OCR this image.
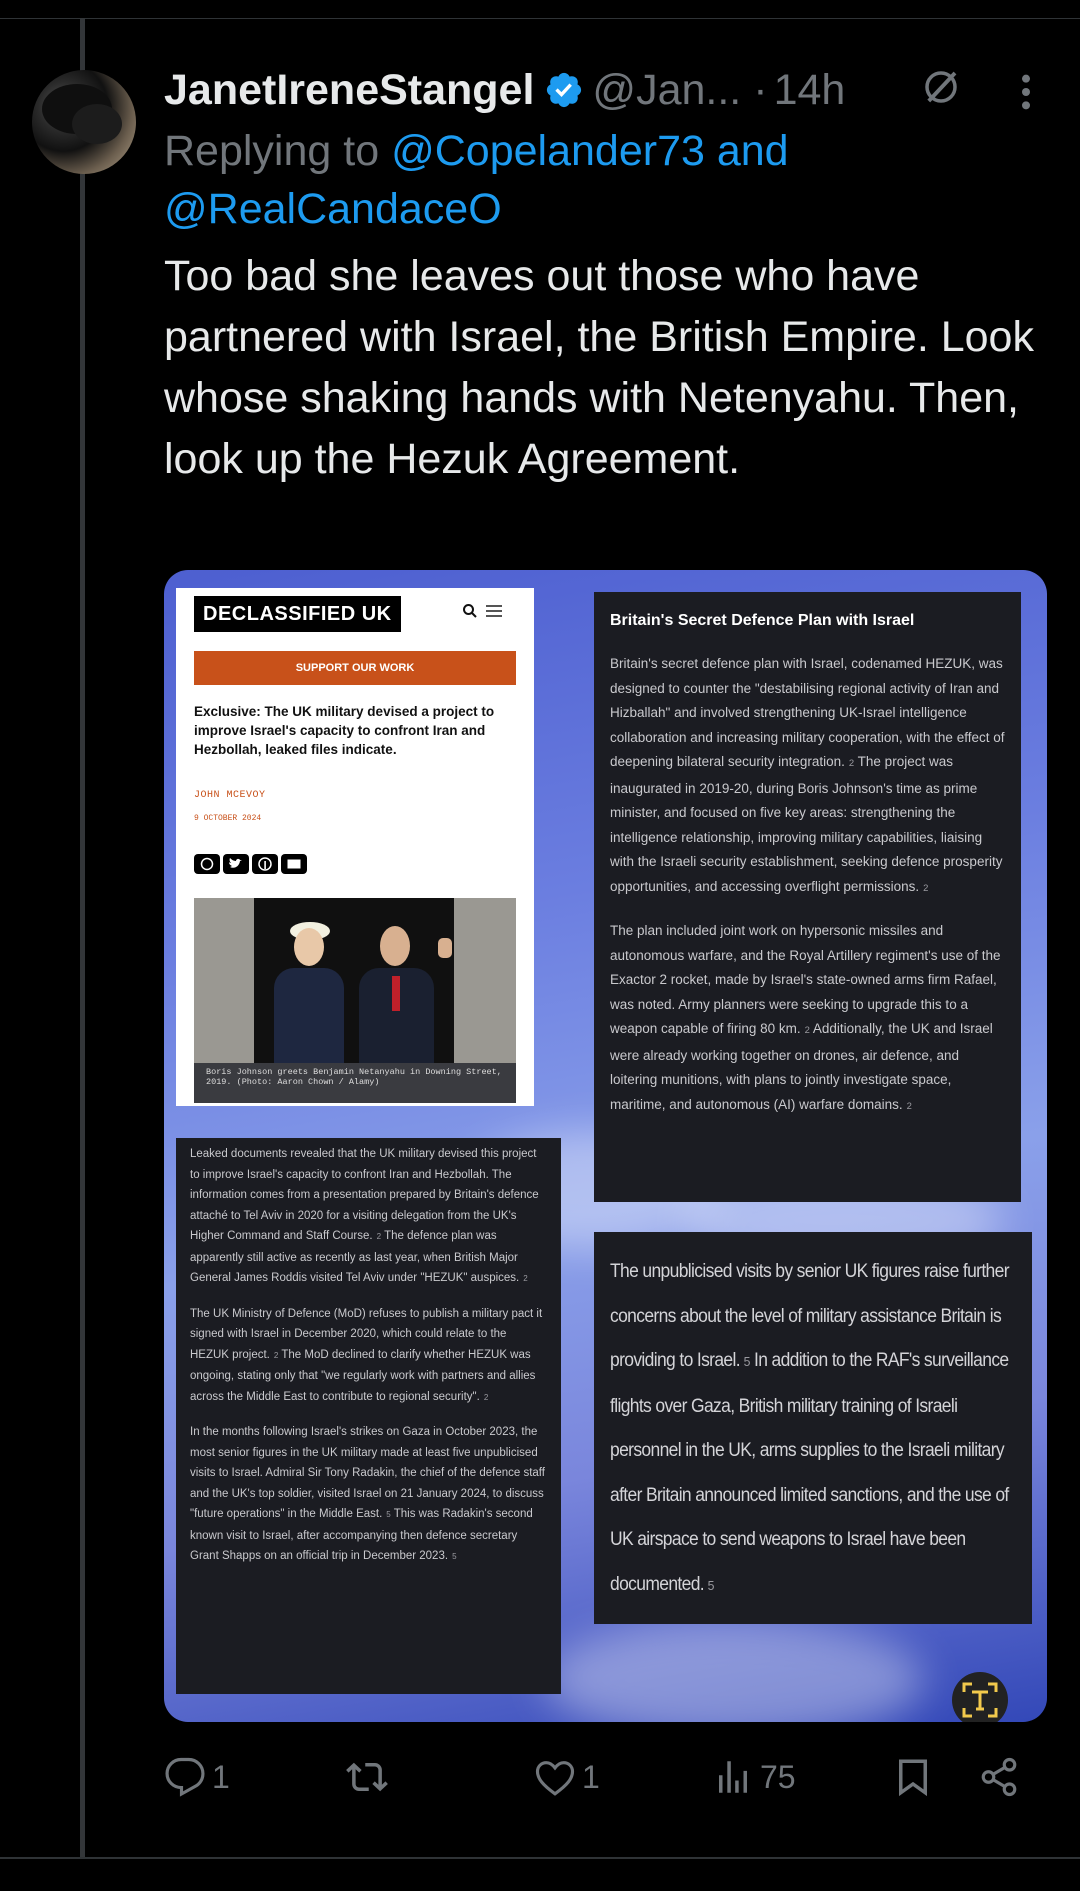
JanetIreneStangel @Jan... · 14h
Replying to @Copelander73 and @RealCandaceO
Too bad she leaves out those who have partnered with Israel, the British Empire. Look whose shaking hands with Netenyahu. Then, look up the Hezuk Agreement.
DECLASSIFIED UK
SUPPORT OUR WORK
Exclusive: The UK military devised a project to improve Israel's capacity to confront Iran and Hezbollah, leaked files indicate.
JOHN MCEVOY
9 OCTOBER 2024
Boris Johnson greets Benjamin Netanyahu in Downing Street, 2019. (Photo: Aaron Chown / Alamy)
Britain's Secret Defence Plan with Israel

Britain's secret defence plan with Israel, codenamed HEZUK, was designed to counter the "destabilising regional activity of Iran and Hizballah" and involved strengthening UK-Israel intelligence collaboration and increasing military cooperation, with the effect of deepening bilateral security integration. 2 The project was inaugurated in 2019-20, during Boris Johnson's time as prime minister, and focused on five key areas: strengthening the intelligence relationship, improving military capabilities, liaising with the Israeli security establishment, seeking defence prosperity opportunities, and accessing overflight permissions. 2

The plan included joint work on hypersonic missiles and autonomous warfare, and the Royal Artillery regiment's use of the Exactor 2 rocket, made by Israel's state-owned arms firm Rafael, was noted. Army planners were seeking to upgrade this to a weapon capable of firing 80 km. 2 Additionally, the UK and Israel were already working together on drones, air defence, and loitering munitions, with plans to jointly investigate space, maritime, and autonomous (AI) warfare domains. 2

Leaked documents revealed that the UK military devised this project to improve Israel's capacity to confront Iran and Hezbollah. The information comes from a presentation prepared by Britain's defence attaché to Tel Aviv in 2020 for a visiting delegation from the UK's Higher Command and Staff Course. 2 The defence plan was apparently still active as recently as last year, when British Major General James Roddis visited Tel Aviv under "HEZUK" auspices. 2

The UK Ministry of Defence (MoD) refuses to publish a military pact it signed with Israel in December 2020, which could relate to the HEZUK project. 2 The MoD declined to clarify whether HEZUK was ongoing, stating only that "we regularly work with partners and allies across the Middle East to contribute to regional security". 2

In the months following Israel's strikes on Gaza in October 2023, the most senior figures in the UK military made at least five unpublicised visits to Israel. Admiral Sir Tony Radakin, the chief of the defence staff and the UK's top soldier, visited Israel on 21 January 2024, to discuss "future operations" in the Middle East. 5 This was Radakin's second known visit to Israel, after accompanying then defence secretary Grant Shapps on an official trip in December 2023. 5

The unpublicised visits by senior UK figures raise further concerns about the level of military assistance Britain is providing to Israel. 5 In addition to the RAF's surveillance flights over Gaza, British military training of Israeli personnel in the UK, arms supplies to the Israeli military after Britain announced limited sanctions, and the use of UK airspace to send weapons to Israel have been documented. 5

1	1	75
